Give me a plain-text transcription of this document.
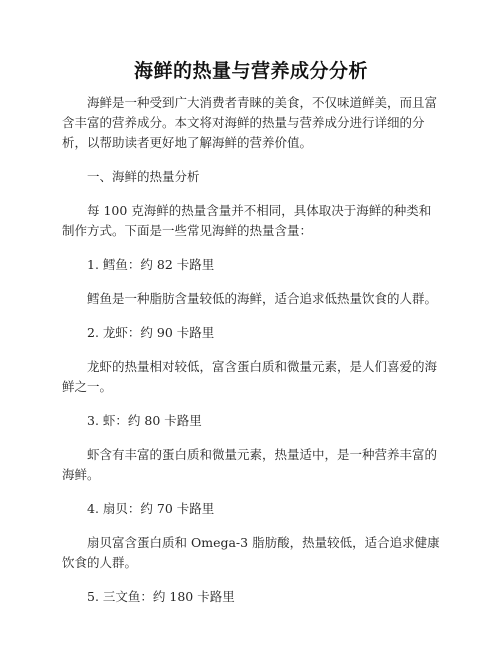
海鲜的热量与营养成分分析

海鲜是一种受到广大消费者青睐的美食，不仅味道鲜美，而且富含丰富的营养成分。本文将对海鲜的热量与营养成分进行详细的分析，以帮助读者更好地了解海鲜的营养价值。

一、海鲜的热量分析

每 100 克海鲜的热量含量并不相同，具体取决于海鲜的种类和制作方式。下面是一些常见海鲜的热量含量：

1. 鳕鱼：约 82 卡路里

鳕鱼是一种脂肪含量较低的海鲜，适合追求低热量饮食的人群。

2. 龙虾：约 90 卡路里

龙虾的热量相对较低，富含蛋白质和微量元素，是人们喜爱的海鲜之一。

3. 虾：约 80 卡路里

虾含有丰富的蛋白质和微量元素，热量适中，是一种营养丰富的海鲜。

4. 扇贝：约 70 卡路里

扇贝富含蛋白质和 Omega-3 脂肪酸，热量较低，适合追求健康饮食的人群。

5. 三文鱼：约 180 卡路里
